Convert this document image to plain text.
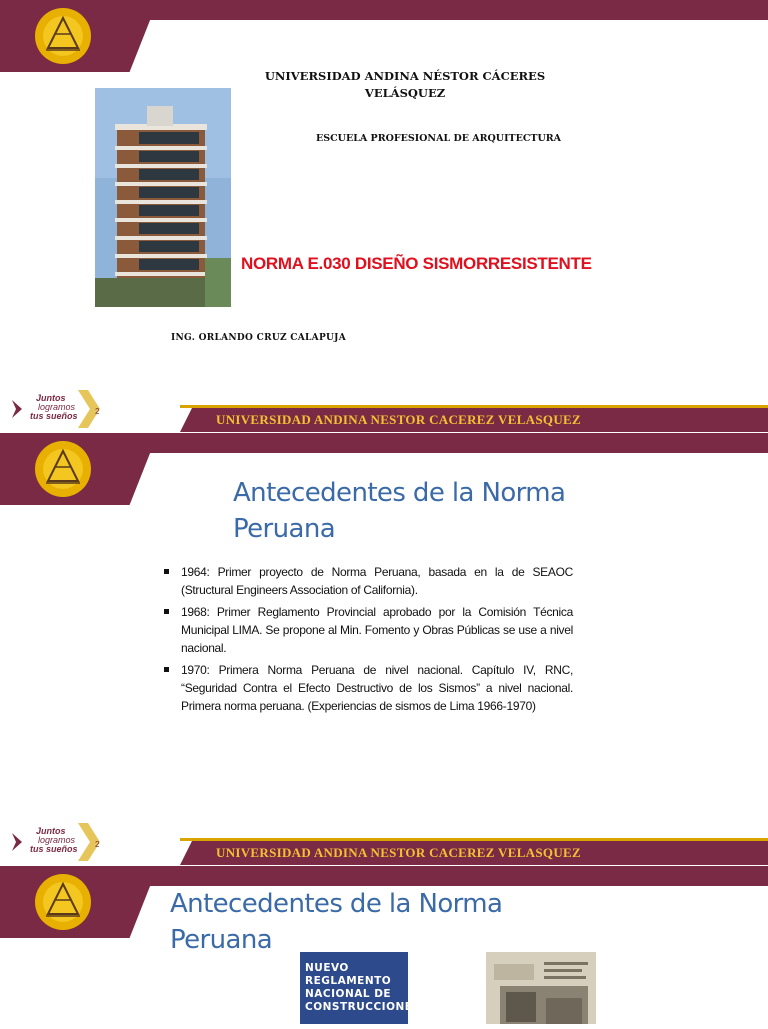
UNIVERSIDAD ANDINA NÉSTOR CÁCERES
VELÁSQUEZ
ESCUELA PROFESIONAL DE ARQUITECTURA
NORMA E.030 DISEÑO SISMORRESISTENTE
ING. ORLANDO CRUZ CALAPUJA
Juntos
logramos
tus sueños	2
UNIVERSIDAD ANDINA NESTOR CACEREZ VELASQUEZ
Antecedentes de la Norma
Peruana
1964: Primer proyecto de Norma Peruana, basada en la de SEAOC (Structural Engineers Association of California).
1968: Primer Reglamento Provincial aprobado por la Comisión Técnica Municipal LIMA. Se propone al Min. Fomento y Obras Públicas se use a nivel nacional.
1970: Primera Norma Peruana de nivel nacional. Capítulo IV, RNC, “Seguridad Contra el Efecto Destructivo de los Sismos” a nivel nacional. Primera norma peruana. (Experiencias de sismos de Lima 1966-1970)
Juntos
logramos
tus sueños	2
UNIVERSIDAD ANDINA NESTOR CACEREZ VELASQUEZ
Antecedentes de la Norma
Peruana
NUEVO
REGLAMENTO
NACIONAL DE
CONSTRUCCIONES
